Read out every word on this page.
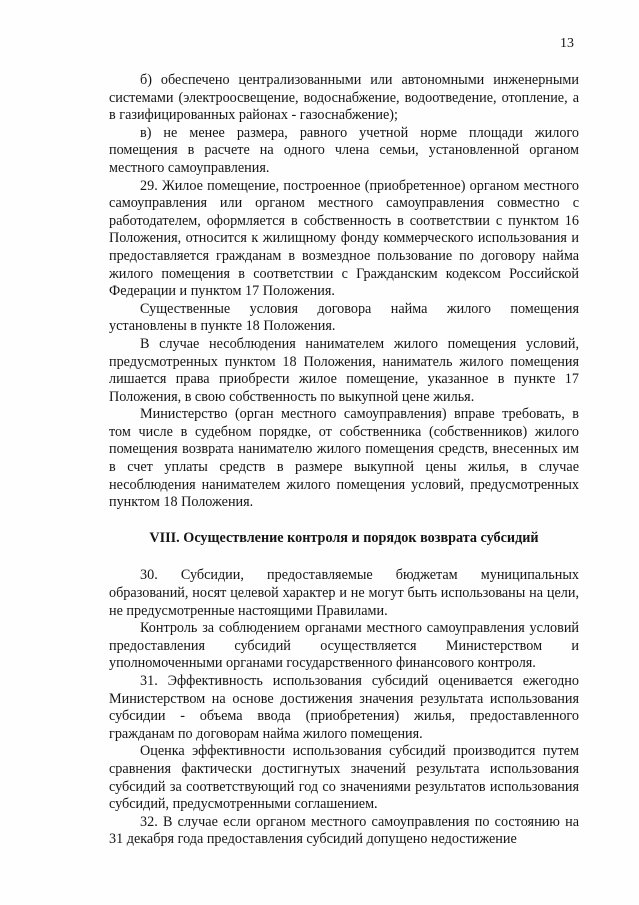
13

б) обеспечено централизованными или автономными инженерными системами (электроосвещение, водоснабжение, водоотведение, отопление, а в газифицированных районах - газоснабжение);

в) не менее размера, равного учетной норме площади жилого помещения в расчете на одного члена семьи, установленной органом местного самоуправления.

29. Жилое помещение, построенное (приобретенное) органом местного самоуправления или органом местного самоуправления совместно с работодателем, оформляется в собственность в соответствии с пунктом 16 Положения, относится к жилищному фонду коммерческого использования и предоставляется гражданам в возмездное пользование по договору найма жилого помещения в соответствии с Гражданским кодексом Российской Федерации и пунктом 17 Положения.

Существенные условия договора найма жилого помещения установлены в пункте 18 Положения.

В случае несоблюдения нанимателем жилого помещения условий, предусмотренных пунктом 18 Положения, наниматель жилого помещения лишается права приобрести жилое помещение, указанное в пункте 17 Положения, в свою собственность по выкупной цене жилья.

Министерство (орган местного самоуправления) вправе требовать, в том числе в судебном порядке, от собственника (собственников) жилого помещения возврата нанимателю жилого помещения средств, внесенных им в счет уплаты средств в размере выкупной цены жилья, в случае несоблюдения нанимателем жилого помещения условий, предусмотренных пунктом 18 Положения.

VIII. Осуществление контроля и порядок возврата субсидий

30. Субсидии, предоставляемые бюджетам муниципальных образований, носят целевой характер и не могут быть использованы на цели, не предусмотренные настоящими Правилами.

Контроль за соблюдением органами местного самоуправления условий предоставления субсидий осуществляется Министерством и уполномоченными органами государственного финансового контроля.

31. Эффективность использования субсидий оценивается ежегодно Министерством на основе достижения значения результата использования субсидии - объема ввода (приобретения) жилья, предоставленного гражданам по договорам найма жилого помещения.

Оценка эффективности использования субсидий производится путем сравнения фактически достигнутых значений результата использования субсидий за соответствующий год со значениями результатов использования субсидий, предусмотренными соглашением.

32. В случае если органом местного самоуправления по состоянию на 31 декабря года предоставления субсидий допущено недостижение
